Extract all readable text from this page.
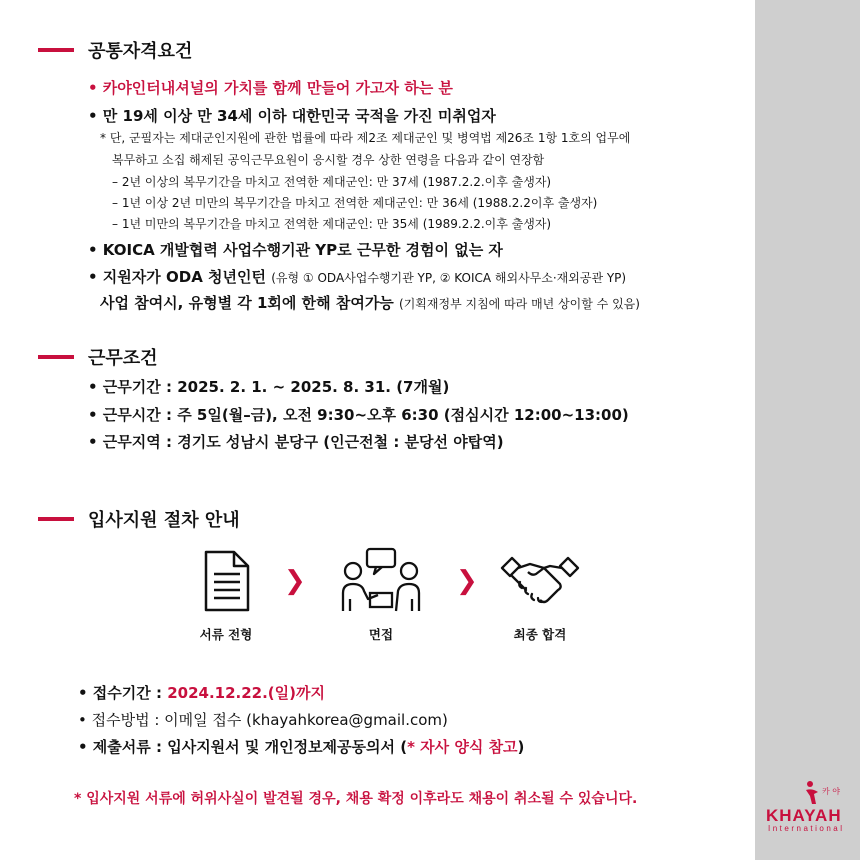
공통자격요건
• 카야인터내셔널의 가치를 함께 만들어 가고자 하는 분
• 만 19세 이상 만 34세 이하 대한민국 국적을 가진 미취업자
* 단, 군필자는 제대군인지원에 관한 법률에 따라 제2조 제대군인 및 병역법 제26조 1항 1호의 업무에
복무하고 소집 해제된 공익근무요원이 응시할 경우 상한 연령을 다음과 같이 연장함
– 2년 이상의 복무기간을 마치고 전역한 제대군인: 만 37세 (1987.2.2.이후 출생자)
– 1년 이상 2년 미만의 복무기간을 마치고 전역한 제대군인: 만 36세 (1988.2.2이후 출생자)
– 1년 미만의 복무기간을 마치고 전역한 제대군인: 만 35세 (1989.2.2.이후 출생자)
• KOICA 개발협력 사업수행기관 YP로 근무한 경험이 없는 자
• 지원자가 ODA 청년인턴 (유형 ① ODA사업수행기관 YP, ② KOICA 해외사무소·재외공관 YP)
사업 참여시, 유형별 각 1회에 한해 참여가능 (기획재정부 지침에 따라 매년 상이할 수 있음)
근무조건
• 근무기간 : 2025. 2. 1. ~ 2025. 8. 31. (7개월)
• 근무시간 : 주 5일(월–금), 오전 9:30~오후 6:30 (점심시간 12:00~13:00)
• 근무지역 : 경기도 성남시 분당구 (인근전철 : 분당선 야탑역)
입사지원 절차 안내
서류 전형
❯
면접
❯
최종 합격
• 접수기간 : 2024.12.22.(일)까지
• 접수방법 : 이메일 접수 (khayahkorea@gmail.com)
• 제출서류 : 입사지원서 및 개인정보제공동의서 (* 자사 양식 참고)
* 입사지원 서류에 허위사실이 발견될 경우, 채용 확정 이후라도 채용이 취소될 수 있습니다.	카 야
KHAYAH
International
